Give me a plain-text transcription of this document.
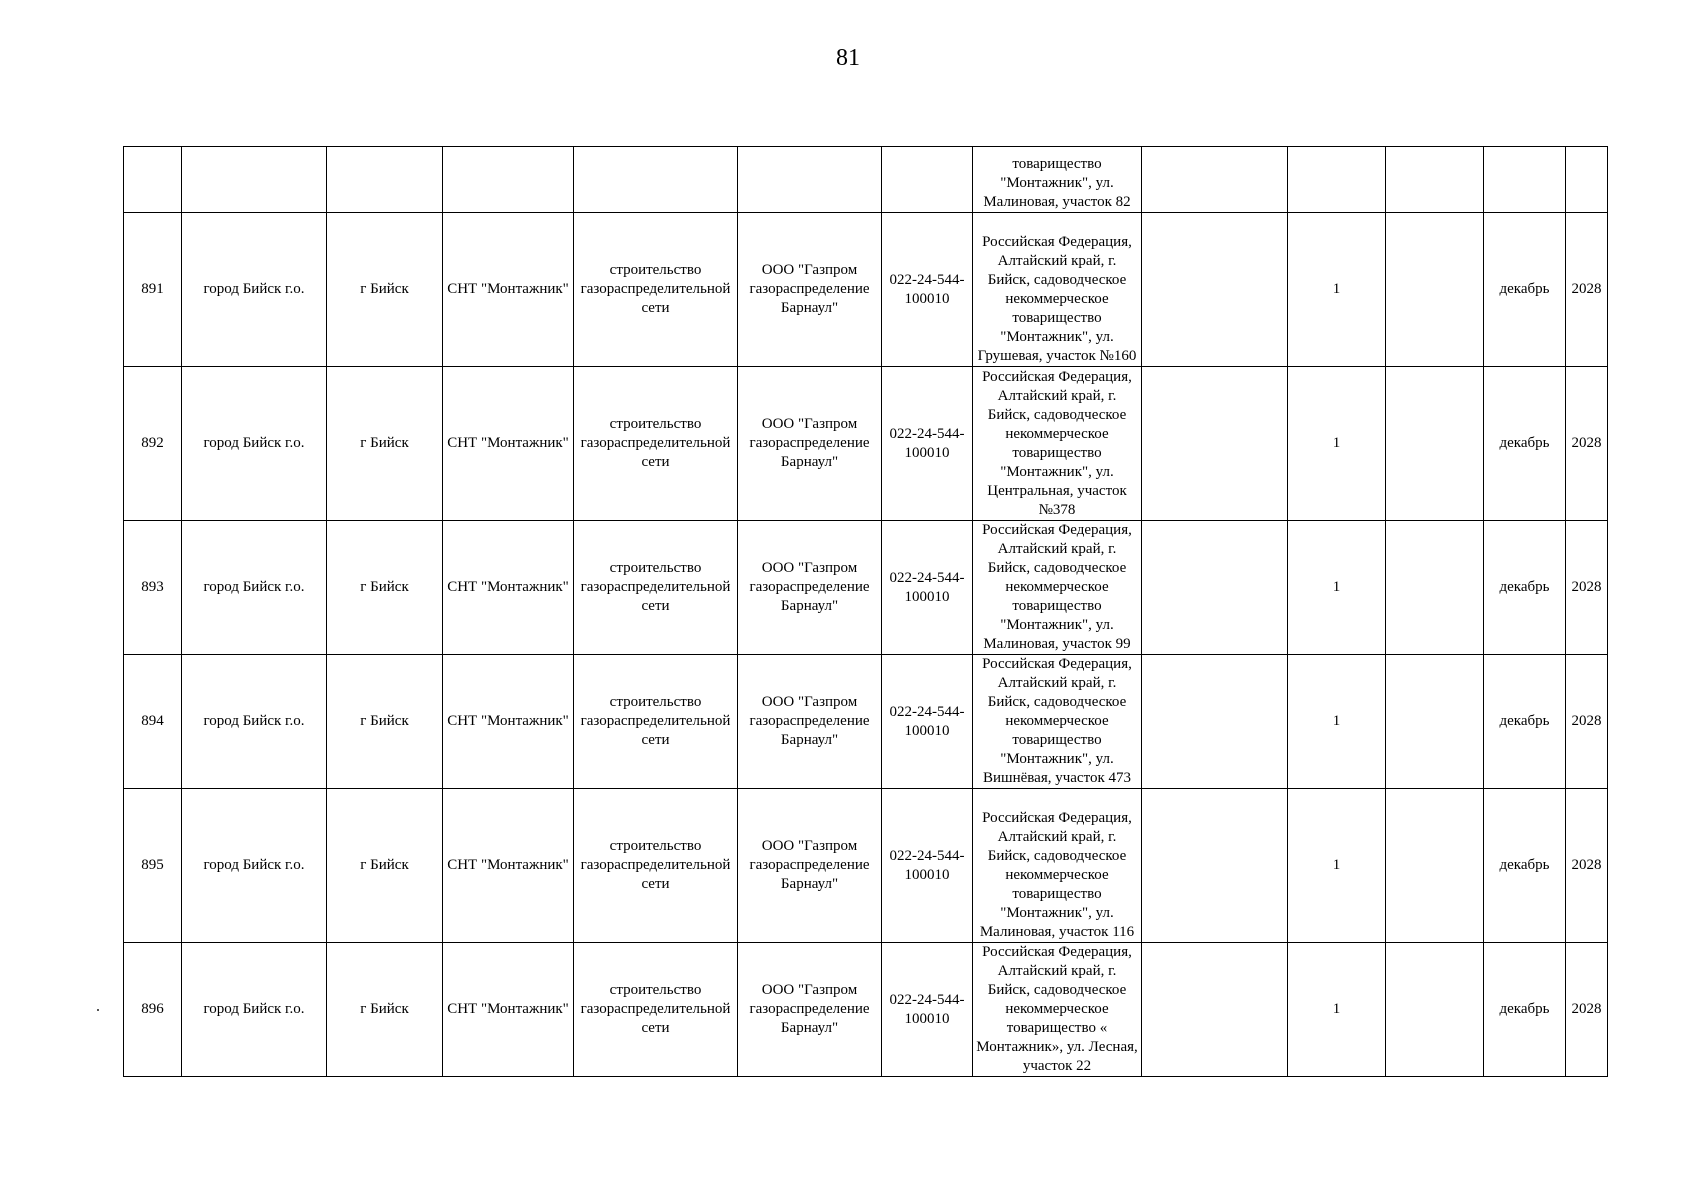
81
							товарищество "Монтажник", ул. Малиновая, участок 82					
891	город Бийск г.о.	г Бийск	СНТ "Монтажник"	строительство газораспределительной сети	ООО "Газпром газораспределение Барнаул"	022-24-544-100010	Российская Федерация, Алтайский край, г. Бийск, садоводческое некоммерческое товарищество "Монтажник", ул. Грушевая, участок №160		1		декабрь	2028
892	город Бийск г.о.	г Бийск	СНТ "Монтажник"	строительство газораспределительной сети	ООО "Газпром газораспределение Барнаул"	022-24-544-100010	Российская Федерация, Алтайский край, г. Бийск, садоводческое некоммерческое товарищество "Монтажник", ул. Центральная, участок №378		1		декабрь	2028
893	город Бийск г.о.	г Бийск	СНТ "Монтажник"	строительство газораспределительной сети	ООО "Газпром газораспределение Барнаул"	022-24-544-100010	Российская Федерация, Алтайский край, г. Бийск, садоводческое некоммерческое товарищество "Монтажник", ул. Малиновая, участок 99		1		декабрь	2028
894	город Бийск г.о.	г Бийск	СНТ "Монтажник"	строительство газораспределительной сети	ООО "Газпром газораспределение Барнаул"	022-24-544-100010	Российская Федерация, Алтайский край, г. Бийск, садоводческое некоммерческое товарищество "Монтажник", ул. Вишнёвая, участок 473		1		декабрь	2028
895	город Бийск г.о.	г Бийск	СНТ "Монтажник"	строительство газораспределительной сети	ООО "Газпром газораспределение Барнаул"	022-24-544-100010	Российская Федерация, Алтайский край, г. Бийск, садоводческое некоммерческое товарищество "Монтажник", ул. Малиновая, участок 116		1		декабрь	2028
896	город Бийск г.о.	г Бийск	СНТ "Монтажник"	строительство газораспределительной сети	ООО "Газпром газораспределение Барнаул"	022-24-544-100010	Российская Федерация, Алтайский край, г. Бийск, садоводческое некоммерческое товарищество « Монтажник», ул. Лесная, участок 22		1		декабрь	2028
